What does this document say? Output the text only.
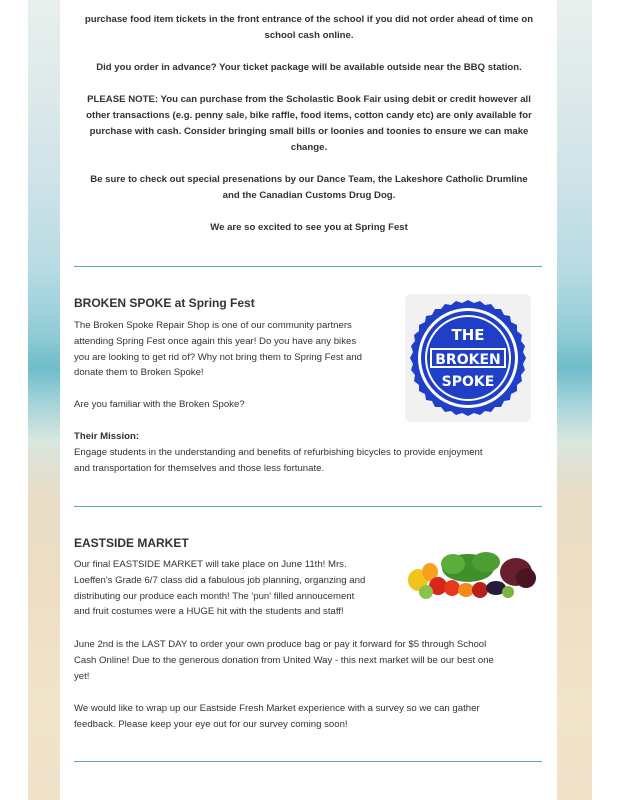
purchase food item tickets in the front entrance of the school if you did not order ahead of time on
school cash online.
Did you order in advance? Your ticket package will be available outside near the BBQ station.
PLEASE NOTE: You can purchase from the Scholastic Book Fair using debit or credit however all
other transactions (e.g. penny sale, bike raffle, food items, cotton candy etc) are only available for
purchase with cash. Consider bringing small bills or loonies and toonies to ensure we can make
change.
Be sure to check out special presenations by our Dance Team, the Lakeshore Catholic Drumline
and the Canadian Customs Drug Dog.
We are so excited to see you at Spring Fest
BROKEN SPOKE at Spring Fest
The Broken Spoke Repair Shop is one of our community partners
attending Spring Fest once again this year! Do you have any bikes
you are looking to get rid of? Why not bring them to Spring Fest and
donate them to Broken Spoke!
Are you familiar with the Broken Spoke?
Their Mission:
Engage students in the understanding and benefits of refurbishing bicycles to provide enjoyment
and transportation for themselves and those less fortunate.
THE
BROKEN
SPOKE
EASTSIDE MARKET
Our final EASTSIDE MARKET will take place on June 11th! Mrs.
Loeffen's Grade 6/7 class did a fabulous job planning, organzing and
distributing our produce each month! The 'pun' filled annoucement
and fruit costumes were a HUGE hit with the students and staff!
June 2nd is the LAST DAY to order your own produce bag or pay it forward for $5 through School
Cash Online! Due to the generous donation from United Way - this next market will be our best one
yet!
We would like to wrap up our Eastside Fresh Market experience with a survey so we can gather
feedback. Please keep your eye out for our survey coming soon!
